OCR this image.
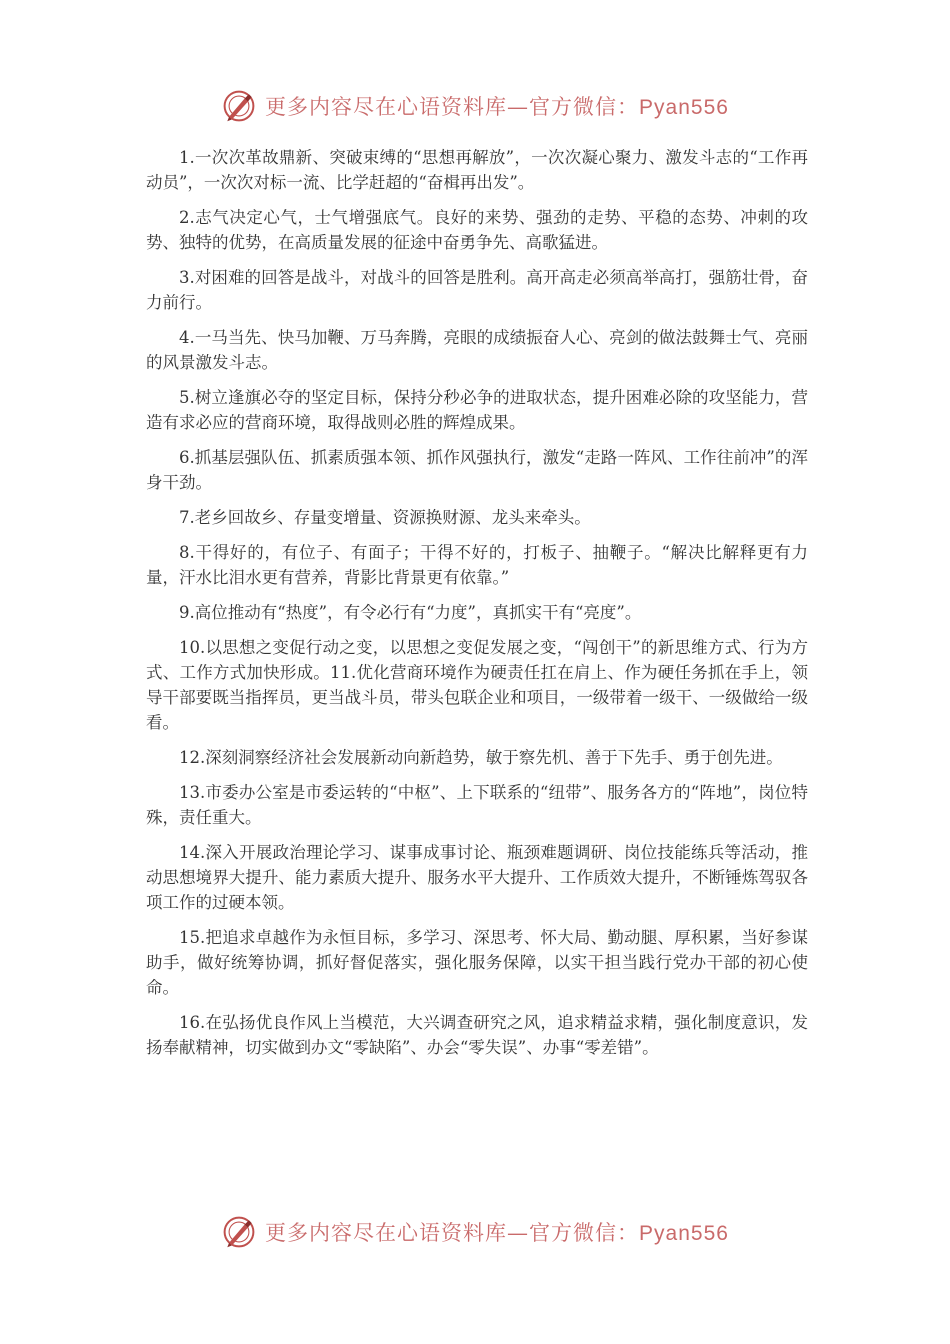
更多内容尽在心语资料库—官方微信：Pyan556

1.一次次革故鼎新、突破束缚的“思想再解放”，一次次凝心聚力、激发斗志的“工作再动员”，一次次对标一流、比学赶超的“奋楫再出发”。

2.志气决定心气，士气增强底气。良好的来势、强劲的走势、平稳的态势、冲刺的攻势、独特的优势，在高质量发展的征途中奋勇争先、高歌猛进。

3.对困难的回答是战斗，对战斗的回答是胜利。高开高走必须高举高打，强筋壮骨，奋力前行。

4.一马当先、快马加鞭、万马奔腾，亮眼的成绩振奋人心、亮剑的做法鼓舞士气、亮丽的风景激发斗志。

5.树立逢旗必夺的坚定目标，保持分秒必争的进取状态，提升困难必除的攻坚能力，营造有求必应的营商环境，取得战则必胜的辉煌成果。

6.抓基层强队伍、抓素质强本领、抓作风强执行，激发“走路一阵风、工作往前冲”的浑身干劲。

7.老乡回故乡、存量变增量、资源换财源、龙头来牵头。

8.干得好的，有位子、有面子；干得不好的，打板子、抽鞭子。“解决比解释更有力量，汗水比泪水更有营养，背影比背景更有依靠。”

9.高位推动有“热度”，有令必行有“力度”，真抓实干有“亮度”。

10.以思想之变促行动之变，以思想之变促发展之变，“闯创干”的新思维方式、行为方式、工作方式加快形成。11.优化营商环境作为硬责任扛在肩上、作为硬任务抓在手上，领导干部要既当指挥员，更当战斗员，带头包联企业和项目，一级带着一级干、一级做给一级看。

12.深刻洞察经济社会发展新动向新趋势，敏于察先机、善于下先手、勇于创先进。

13.市委办公室是市委运转的“中枢”、上下联系的“纽带”、服务各方的“阵地”，岗位特殊，责任重大。

14.深入开展政治理论学习、谋事成事讨论、瓶颈难题调研、岗位技能练兵等活动，推动思想境界大提升、能力素质大提升、服务水平大提升、工作质效大提升，不断锤炼驾驭各项工作的过硬本领。

15.把追求卓越作为永恒目标，多学习、深思考、怀大局、勤动腿、厚积累，当好参谋助手，做好统筹协调，抓好督促落实，强化服务保障，以实干担当践行党办干部的初心使命。

16.在弘扬优良作风上当模范，大兴调查研究之风，追求精益求精，强化制度意识，发扬奉献精神，切实做到办文“零缺陷”、办会“零失误”、办事“零差错”。

更多内容尽在心语资料库—官方微信：Pyan556
